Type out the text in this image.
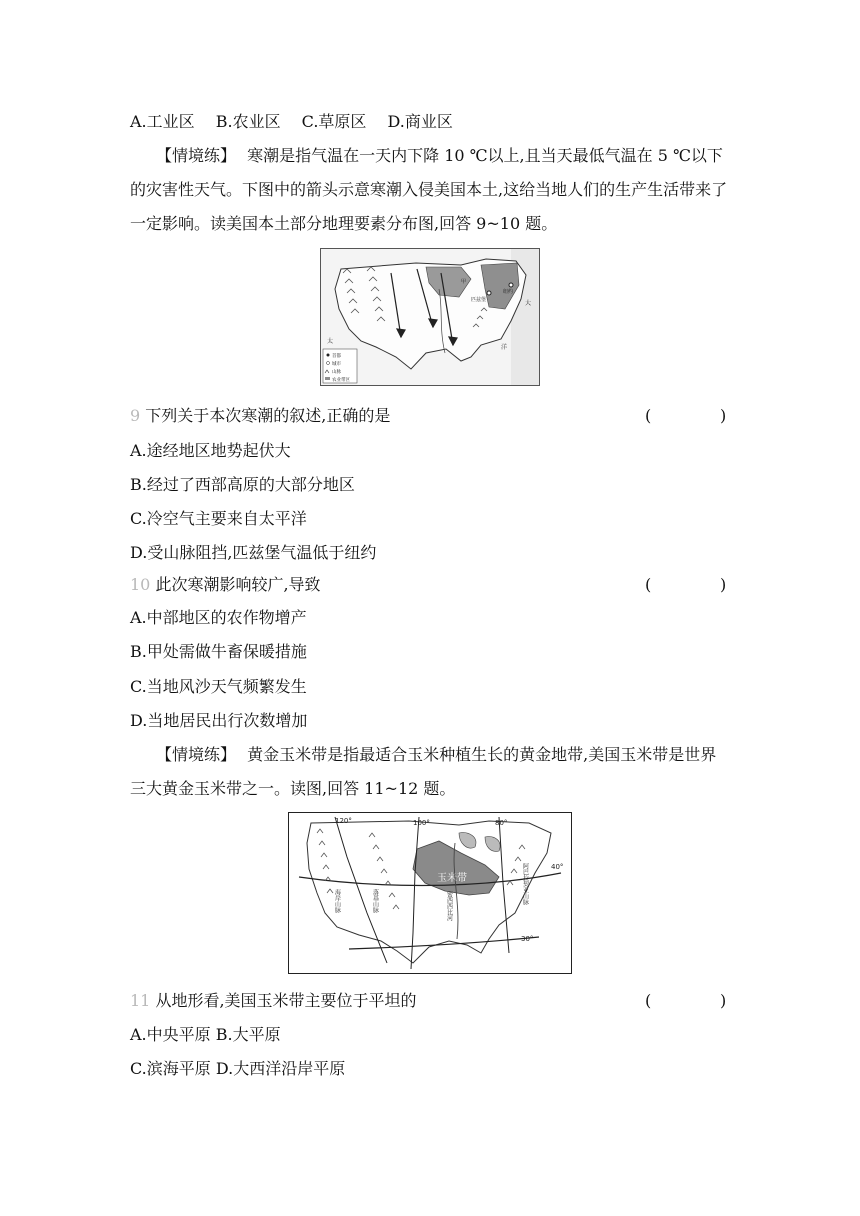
A.工业区　 B.农业区　 C.草原区　 D.商业区
【情境练】 寒潮是指气温在一天内下降 10 ℃以上,且当天最低气温在 5 ℃以下的灾害性天气。下图中的箭头示意寒潮入侵美国本土,这给当地人们的生产生活带来了一定影响。读美国本土部分地理要素分布图,回答 9~10 题。
纽约
匹兹堡
甲
大
太
洋
首都
城市
山脉
农业带区
9 下列关于本次寒潮的叙述,正确的是	(	)
A.途经地区地势起伏大
B.经过了西部高原的大部分地区
C.冷空气主要来自太平洋
D.受山脉阻挡,匹兹堡气温低于纽约
10 此次寒潮影响较广,导致	(	)
A.中部地区的农作物增产
B.甲处需做牛畜保暖措施
C.当地风沙天气频繁发生
D.当地居民出行次数增加
【情境练】 黄金玉米带是指最适合玉米种植生长的黄金地带,美国玉米带是世界三大黄金玉米带之一。读图,回答 11~12 题。
玉米带
40°
30°
120°	100°	80°
海岸山脉	落基山脉	密西西比河
阿巴拉契亚山脉
11 从地形看,美国玉米带主要位于平坦的	(	)
A.中央平原 B.大平原
C.滨海平原 D.大西洋沿岸平原
